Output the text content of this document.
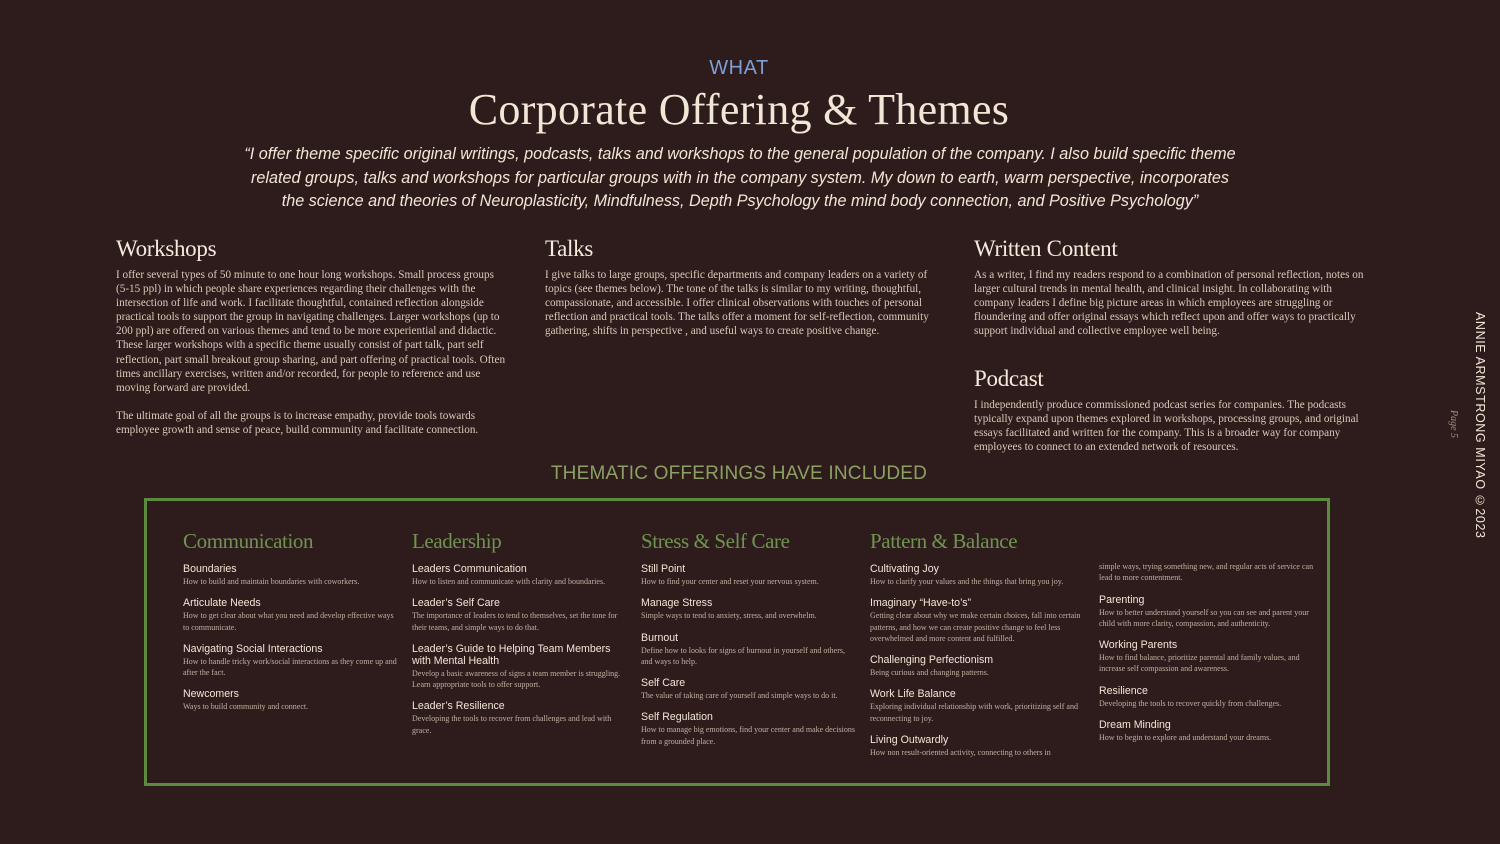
WHAT
Corporate Offering & Themes
“I offer theme specific original writings, podcasts, talks and workshops to the general population of the company. I also build specific theme related groups, talks and workshops for particular groups with in the company system. My down to earth, warm perspective, incorporates the science and theories of Neuroplasticity, Mindfulness, Depth Psychology the mind body connection, and Positive Psychology”
Workshops

I offer several types of 50 minute to one hour long workshops. Small process groups (5-15 ppl) in which people share experiences regarding their challenges with the intersection of life and work. I facilitate thoughtful, contained reflection alongside practical tools to support the group in navigating challenges. Larger workshops (up to 200 ppl) are offered on various themes and tend to be more experiential and didactic. These larger workshops with a specific theme usually consist of part talk, part self reflection, part small breakout group sharing, and part offering of practical tools. Often times ancillary exercises, written and/or recorded, for people to reference and use moving forward are provided.

The ultimate goal of all the groups is to increase empathy, provide tools towards employee growth and sense of peace, build community and facilitate connection.

Talks

I give talks to large groups, specific departments and company leaders on a variety of topics (see themes below). The tone of the talks is similar to my writing, thoughtful, compassionate, and accessible. I offer clinical observations with touches of personal reflection and practical tools. The talks offer a moment for self-reflection, community gathering, shifts in perspective , and useful ways to create positive change.

Written Content

As a writer, I find my readers respond to a combination of personal reflection, notes on larger cultural trends in mental health, and clinical insight. In collaborating with company leaders I define big picture areas in which employees are struggling or floundering and offer original essays which reflect upon and offer ways to practically support individual and collective employee well being.

Podcast

I independently produce commissioned podcast series for companies. The podcasts typically expand upon themes explored in workshops, processing groups, and original essays facilitated and written for the company. This is a broader way for company employees to connect to an extended network of resources.

THEMATIC OFFERINGS HAVE INCLUDED
Communication
Boundaries
How to build and maintain boundaries with coworkers.
Articulate Needs
How to get clear about what you need and develop effective ways to communicate.
Navigating Social Interactions
How to handle tricky work/social interactions as they come up and after the fact.
Newcomers
Ways to build community and connect.
Leadership
Leaders Communication
How to listen and communicate with clarity and boundaries.
Leader’s Self Care
The importance of leaders to tend to themselves, set the tone for their teams, and simple ways to do that.
Leader’s Guide to Helping Team Members with Mental Health
Develop a basic awareness of signs a team member is struggling. Learn appropriate tools to offer support.
Leader’s Resilience
Developing the tools to recover from challenges and lead with grace.
Stress & Self Care
Still Point
How to find your center and reset your nervous system.
Manage Stress
Simple ways to tend to anxiety, stress, and overwhelm.
Burnout
Define how to looks for signs of burnout in yourself and others, and ways to help.
Self Care
The value of taking care of yourself and simple ways to do it.
Self Regulation
How to manage big emotions, find your center and make decisions from a grounded place.
Pattern & Balance
Cultivating Joy
How to clarify your values and the things that bring you joy.
Imaginary “Have-to’s”
Getting clear about why we make certain choices, fall into certain patterns, and how we can create positive change to feel less overwhelmed and more content and fulfilled.
Challenging Perfectionism
Being curious and changing patterns.
Work Life Balance
Exploring individual relationship with work, prioritizing self and reconnecting to joy.
Living Outwardly
How non result-oriented activity, connecting to others in
simple ways, trying something new, and regular acts of service can lead to more contentment.
Parenting
How to better understand yourself so you can see and parent your child with more clarity, compassion, and authenticity.
Working Parents
How to find balance, prioritize parental and family values, and increase self compassion and awareness.
Resilience
Developing the tools to recover quickly from challenges.
Dream Minding
How to begin to explore and understand your dreams.
ANNIE ARMSTRONG MIYAO ©2023
Page 5
